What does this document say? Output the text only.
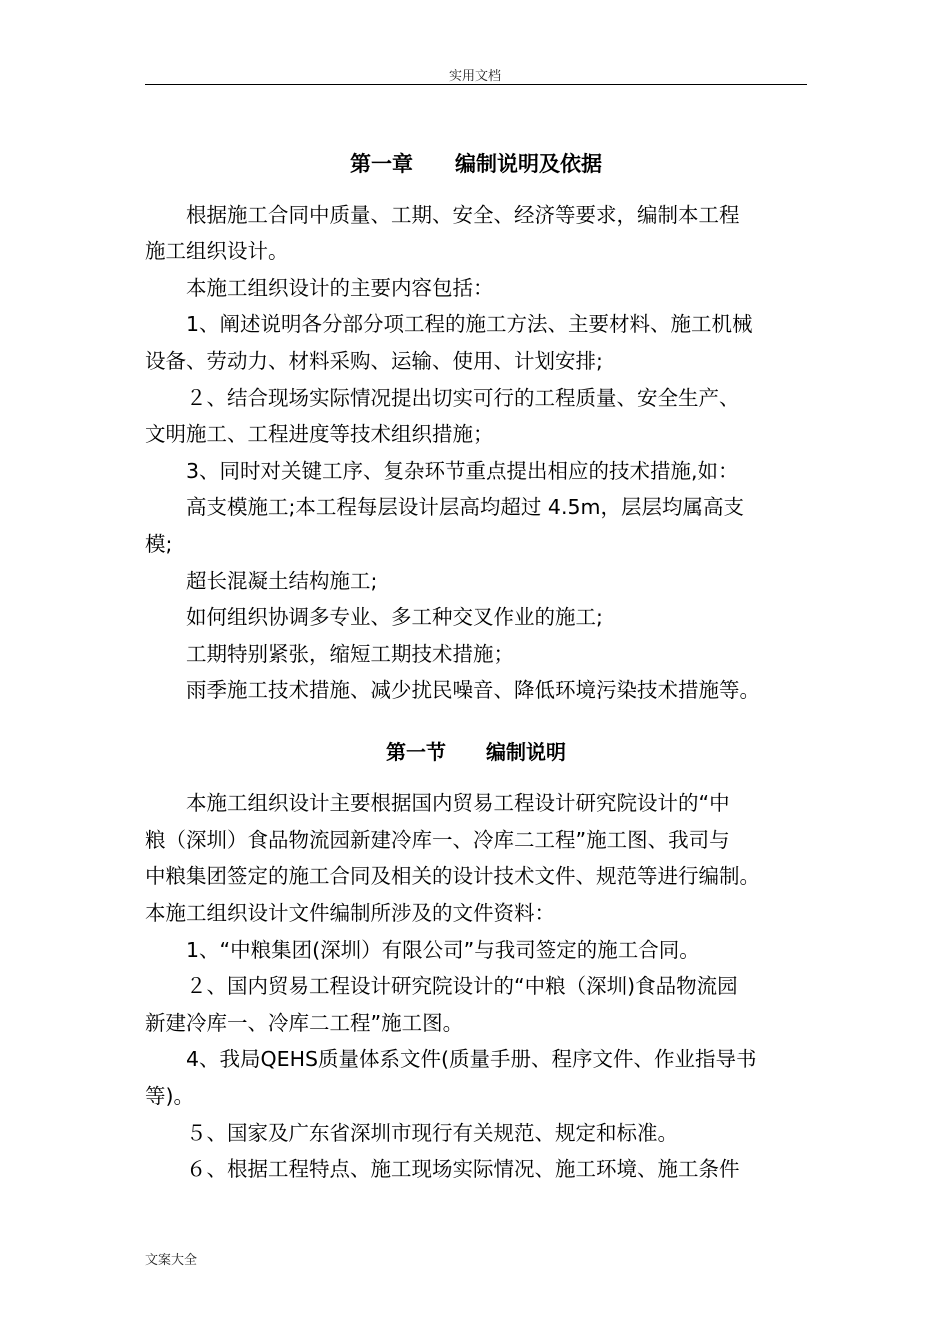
实用文档
第一章　　编制说明及依据
　　根据施工合同中质量、工期、安全、经济等要求，编制本工程
施工组织设计。
　　本施工组织设计的主要内容包括：
　　1、阐述说明各分部分项工程的施工方法、主要材料、施工机械
设备、劳动力、材料采购、运输、使用、计划安排;
　　２、结合现场实际情况提出切实可行的工程质量、安全生产、
文明施工、工程进度等技术组织措施；
　　3、同时对关键工序、复杂环节重点提出相应的技术措施,如：
　　高支模施工;本工程每层设计层高均超过 4.5m，层层均属高支
模;
　　超长混凝土结构施工;
　　如何组织协调多专业、多工种交叉作业的施工;
　　工期特别紧张，缩短工期技术措施；
　　雨季施工技术措施、减少扰民噪音、降低环境污染技术措施等。
第一节　　编制说明
　　本施工组织设计主要根据国内贸易工程设计研究院设计的“中
粮（深圳）食品物流园新建冷库一、冷库二工程”施工图、我司与
中粮集团签定的施工合同及相关的设计技术文件、规范等进行编制。
本施工组织设计文件编制所涉及的文件资料：
　　1、“中粮集团(深圳）有限公司”与我司签定的施工合同。
　　２、国内贸易工程设计研究院设计的“中粮（深圳)食品物流园
新建冷库一、冷库二工程”施工图。
　　4、我局QEHS质量体系文件(质量手册、程序文件、作业指导书
等)。
　　５、国家及广东省深圳市现行有关规范、规定和标准。
　　６、根据工程特点、施工现场实际情况、施工环境、施工条件
文案大全
